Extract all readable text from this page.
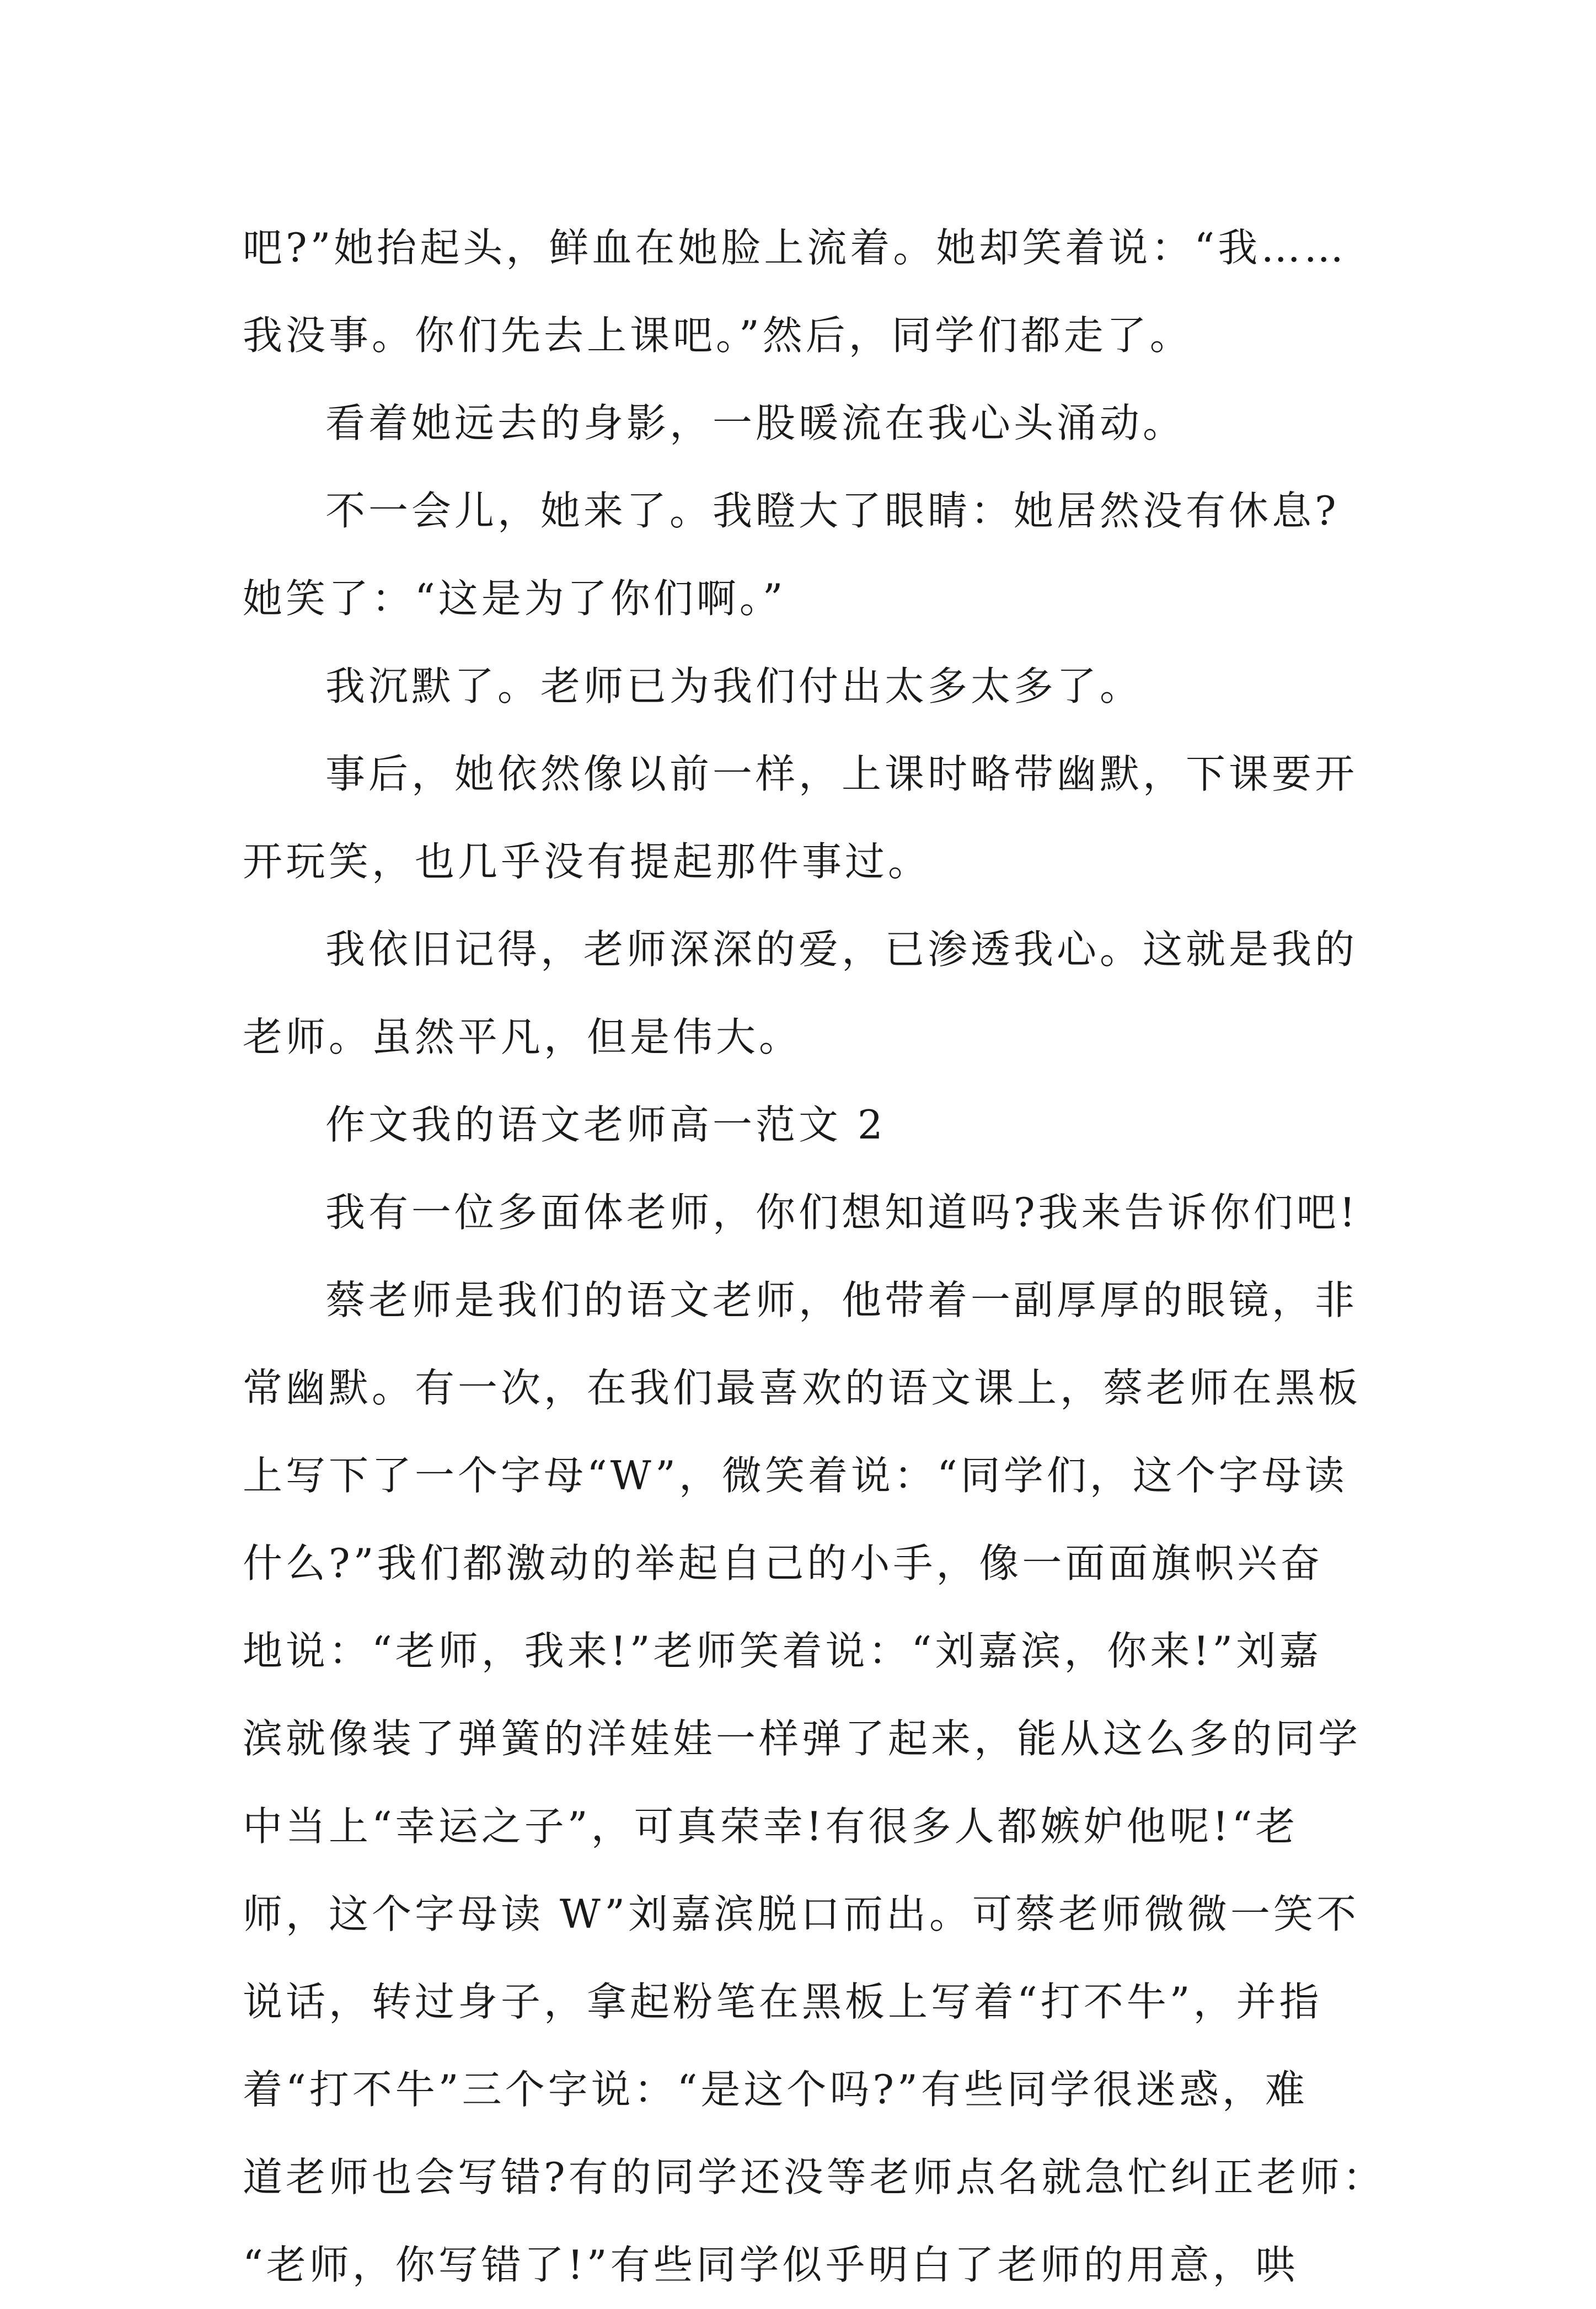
吧?”她抬起头，鲜血在她脸上流着。她却笑着说：“我……
我没事。你们先去上课吧。”然后，同学们都走了。
看着她远去的身影，一股暖流在我心头涌动。
不一会儿，她来了。我瞪大了眼睛：她居然没有休息?
她笑了：“这是为了你们啊。”
我沉默了。老师已为我们付出太多太多了。
事后，她依然像以前一样，上课时略带幽默，下课要开
开玩笑，也几乎没有提起那件事过。
我依旧记得，老师深深的爱，已渗透我心。这就是我的
老师。虽然平凡，但是伟大。
作文我的语文老师高一范文 2
我有一位多面体老师，你们想知道吗?我来告诉你们吧!
蔡老师是我们的语文老师，他带着一副厚厚的眼镜，非
常幽默。有一次，在我们最喜欢的语文课上，蔡老师在黑板
上写下了一个字母“W”，微笑着说：“同学们，这个字母读
什么?”我们都激动的举起自己的小手，像一面面旗帜兴奋
地说：“老师，我来!”老师笑着说：“刘嘉滨，你来!”刘嘉
滨就像装了弹簧的洋娃娃一样弹了起来，能从这么多的同学
中当上“幸运之子”，可真荣幸!有很多人都嫉妒他呢!“老
师，这个字母读 W”刘嘉滨脱口而出。可蔡老师微微一笑不
说话，转过身子，拿起粉笔在黑板上写着“打不牛”，并指
着“打不牛”三个字说：“是这个吗?”有些同学很迷惑，难
道老师也会写错?有的同学还没等老师点名就急忙纠正老师：
“老师，你写错了!”有些同学似乎明白了老师的用意，哄
